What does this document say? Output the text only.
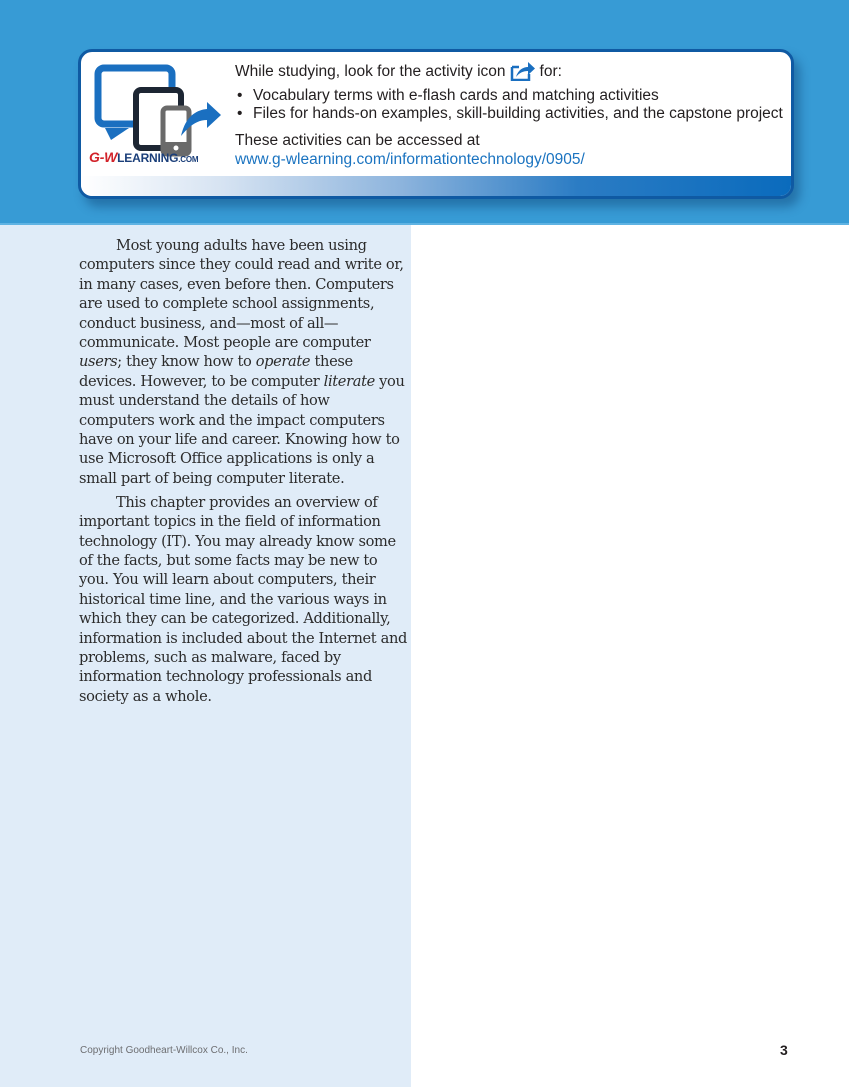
G-WLEARNING.COM

While studying, look for the activity icon for:

• Vocabulary terms with e-flash cards and matching activities
• Files for hands-on examples, skill-building activities, and the capstone project

These activities can be accessed at
www.g-wlearning.com/informationtechnology/0905/

Most young adults have been using computers since they could read and write or, in many cases, even before then. Computers are used to complete school assignments, conduct business, and—most of all—communicate. Most people are computer users; they know how to operate these devices. However, to be computer literate you must understand the details of how computers work and the impact computers have on your life and career. Knowing how to use Microsoft Office applications is only a small part of being computer literate.

This chapter provides an overview of important topics in the field of information technology (IT). You may already know some of the facts, but some facts may be new to you. You will learn about computers, their historical time line, and the various ways in which they can be categorized. Additionally, information is included about the Internet and problems, such as malware, faced by information technology professionals and society as a whole.

Copyright Goodheart-Willcox Co., Inc.	3
